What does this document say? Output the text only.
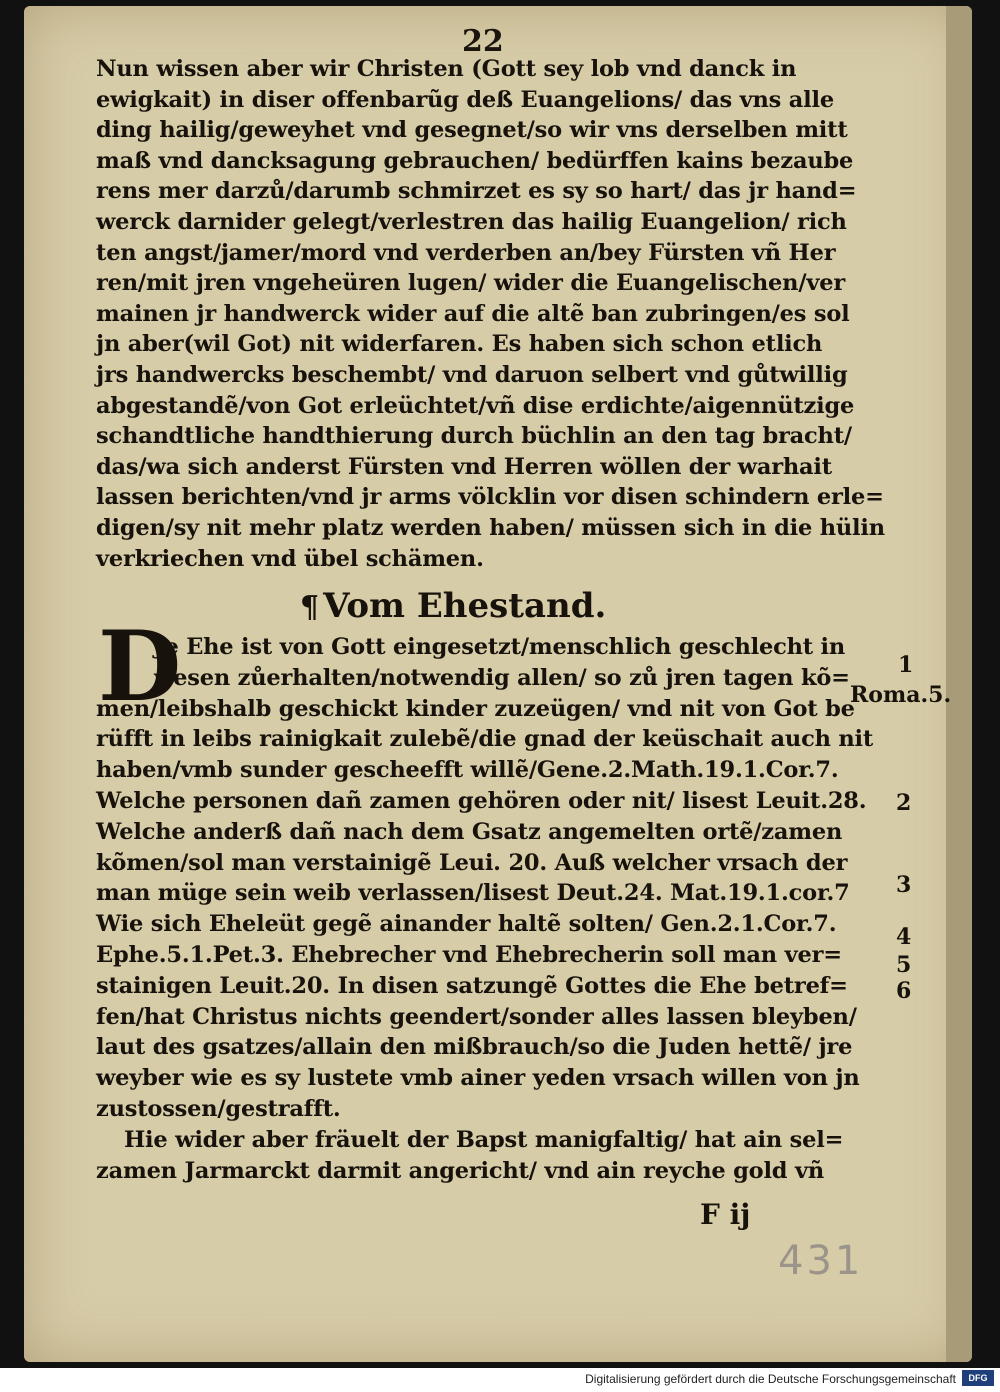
22
Nun wissen aber wir Christen (Gott sey lob vnd danck in
ewigkait) in diser offenbarũg deß Euangelions/ das vns alle
ding hailig/geweyhet vnd gesegnet/so wir vns derselben mitt
maß vnd dancksagung gebrauchen/ bedürffen kains bezaube
rens mer darzů/darumb schmirzet es sy so hart/ das jr hand=
werck darnider gelegt/verlestren das hailig Euangelion/ rich
ten angst/jamer/mord vnd verderben an/bey Fürsten vñ Her
ren/mit jren vngeheüren lugen/ wider die Euangelischen/ver
mainen jr handwerck wider auf die altẽ ban zubringen/es sol
jn aber(wil Got) nit widerfaren. Es haben sich schon etlich
jrs handwercks beschembt/ vnd daruon selbert vnd gůtwillig
abgestandẽ/von Got erleüchtet/vñ dise erdichte/aigennützige
schandtliche handthierung durch büchlin an den tag bracht/
das/wa sich anderst Fürsten vnd Herren wöllen der warhait
lassen berichten/vnd jr arms völcklin vor disen schindern erle=
digen/sy nit mehr platz werden haben/ müssen sich in die hülin
verkriechen vnd übel schämen.
¶ Vom Ehestand.
D
Je Ehe ist von Gott eingesetzt/menschlich geschlecht in
wesen zůerhalten/notwendig allen/ so zů jren tagen kõ=
men/leibshalb geschickt kinder zuzeügen/ vnd nit von Got be
rüfft in leibs rainigkait zulebẽ/die gnad der keüschait auch nit
haben/vmb sunder gescheefft willẽ/Gene.2.Math.19.1.Cor.7.
Welche personen dañ zamen gehören oder nit/ lisest Leuit.28.
Welche anderß dañ nach dem Gsatz angemelten ortẽ/zamen
kõmen/sol man verstainigẽ Leui. 20. Auß welcher vrsach der
man müge sein weib verlassen/lisest Deut.24. Mat.19.1.cor.7
Wie sich Eheleüt gegẽ ainander haltẽ solten/ Gen.2.1.Cor.7.
Ephe.5.1.Pet.3. Ehebrecher vnd Ehebrecherin soll man ver=
stainigen Leuit.20. In disen satzungẽ Gottes die Ehe betref=
fen/hat Christus nichts geendert/sonder alles lassen bleyben/
laut des gsatzes/allain den mißbrauch/so die Juden hettẽ/ jre
weyber wie es sy lustete vmb ainer yeden vrsach willen von jn
zustossen/gestrafft.
Hie wider aber fräuelt der Bapst manigfaltig/ hat ain sel=
zamen Jarmarckt darmit angericht/ vnd ain reyche gold vñ
1
Roma.5.
2
3
4
5
6
F ij
431
Digitalisierung gefördert durch die Deutsche Forschungsgemeinschaft	DFG
